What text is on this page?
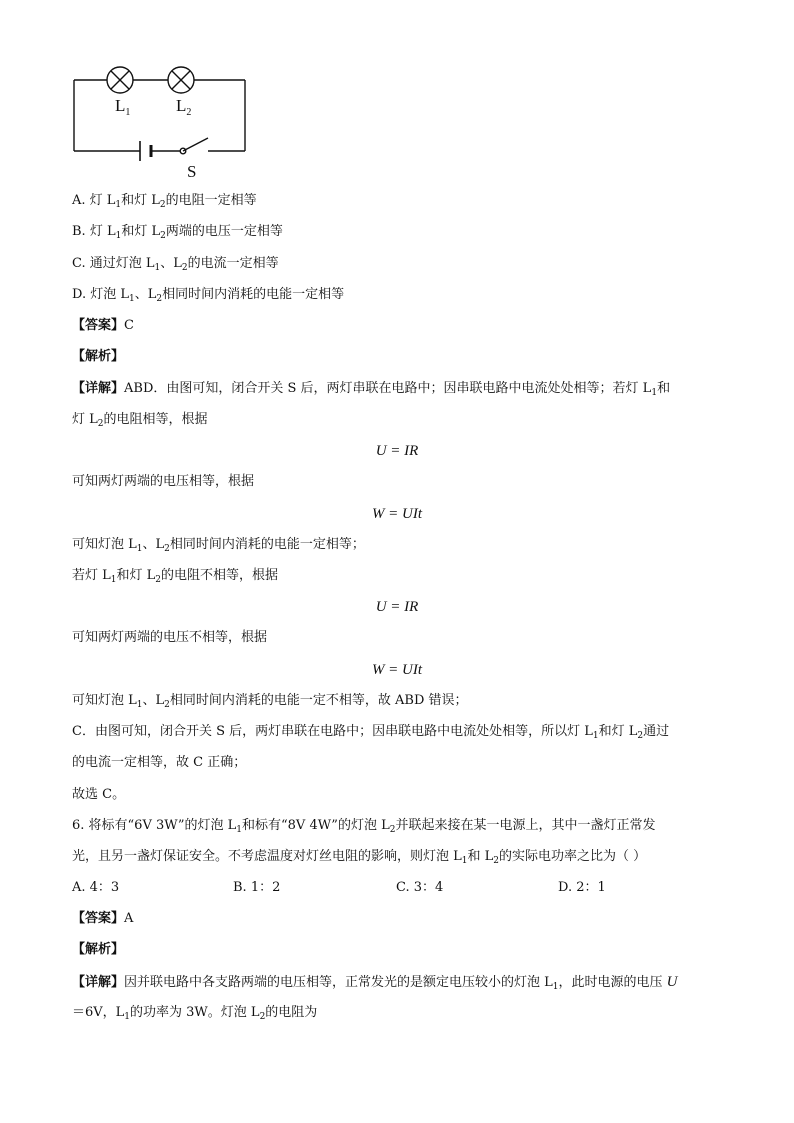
$L_1$	$L_2$
S
A. 灯 $L_1$和灯 $L_2$的电阻一定相等
B. 灯 $L_1$和灯 $L_2$两端的电压一定相等
C. 通过灯泡 $L_1$、$L_2$的电流一定相等
D. 灯泡 $L_1$、$L_2$相同时间内消耗的电能一定相等
【答案】C
【解析】
【详解】ABD．由图可知，闭合开关 S 后，两灯串联在电路中；因串联电路中电流处处相等；若灯 $L_1$和
灯 $L_2$的电阻相等，根据
U = IR
可知两灯两端的电压相等，根据
W = UIt
可知灯泡 $L_1$、$L_2$相同时间内消耗的电能一定相等；
若灯 $L_1$和灯 $L_2$的电阻不相等，根据
U = IR
可知两灯两端的电压不相等，根据
W = UIt
可知灯泡 $L_1$、$L_2$相同时间内消耗的电能一定不相等，故 ABD 错误；
C．由图可知，闭合开关 S 后，两灯串联在电路中；因串联电路中电流处处相等，所以灯 $L_1$和灯 $L_2$通过
的电流一定相等，故 C 正确；
故选 C。
6. 将标有“6V 3W”的灯泡 $L_1$和标有“8V 4W”的灯泡 $L_2$并联起来接在某一电源上，其中一盏灯正常发
光，且另一盏灯保证安全。不考虑温度对灯丝电阻的影响，则灯泡 $L_1$和 $L_2$的实际电功率之比为（ ）
A. 4：3	B. 1：2	C. 3：4	D. 2：1
【答案】A
【解析】
【详解】因并联电路中各支路两端的电压相等，正常发光的是额定电压较小的灯泡 $L_1$，此时电源的电压 U
＝6V，$L_1$的功率为 3W。灯泡 $L_2$的电阻为
